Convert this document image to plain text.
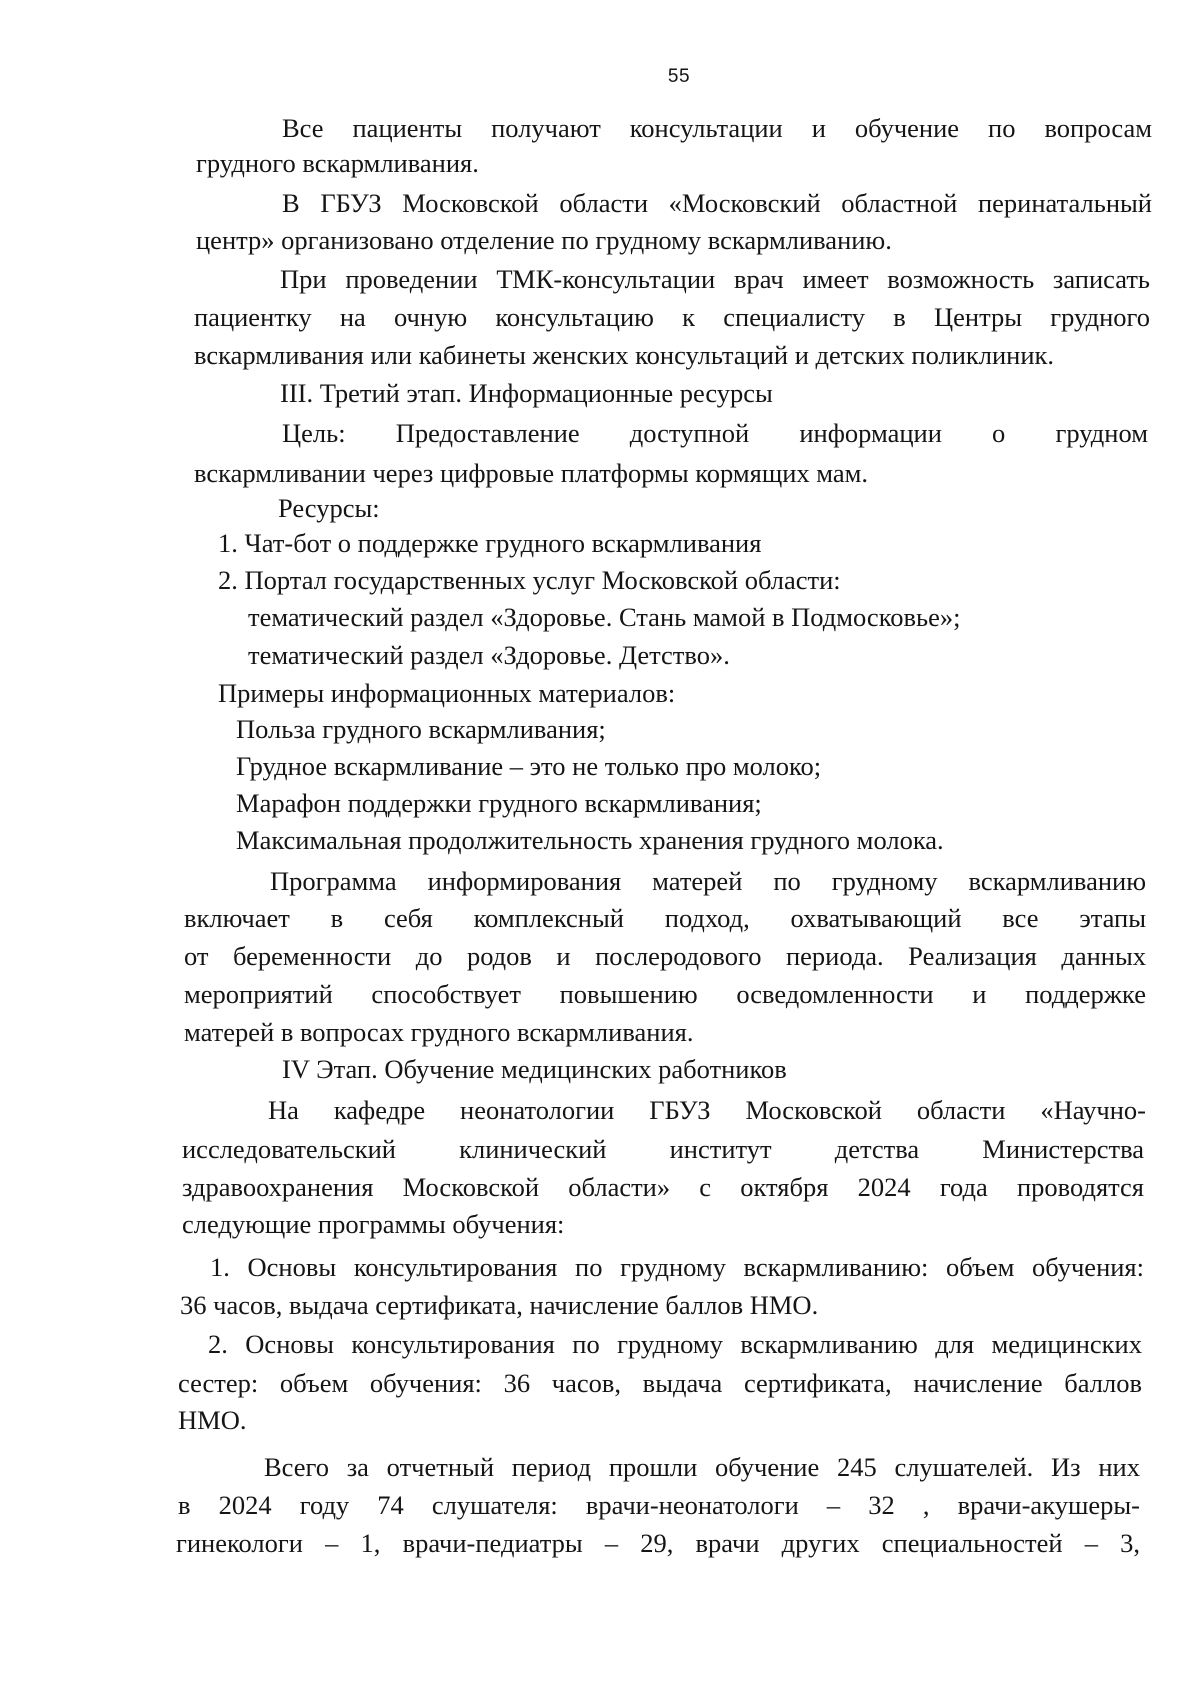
55
Все пациенты получают консультации и обучение по вопросам
грудного вскармливания.
В ГБУЗ Московской области «Московский областной перинатальный
центр» организовано отделение по грудному вскармливанию.
При проведении ТМК-консультации врач имеет возможность записать
пациентку на очную консультацию к специалисту в Центры грудного
вскармливания или кабинеты женских консультаций и детских поликлиник.
III. Третий этап. Информационные ресурсы
Цель: Предоставление доступной информации о грудном
вскармливании через цифровые платформы кормящих мам.
Ресурсы:
1. Чат-бот о поддержке грудного вскармливания
2. Портал государственных услуг Московской области:
тематический раздел «Здоровье. Стань мамой в Подмосковье»;
тематический раздел «Здоровье. Детство».
Примеры информационных материалов:
Польза грудного вскармливания;
Грудное вскармливание – это не только про молоко;
Марафон поддержки грудного вскармливания;
Максимальная продолжительность хранения грудного молока.
Программа информирования матерей по грудному вскармливанию
включает в себя комплексный подход, охватывающий все этапы
от беременности до родов и послеродового периода. Реализация данных
мероприятий способствует повышению осведомленности и поддержке
матерей в вопросах грудного вскармливания.
IV Этап. Обучение медицинских работников
На кафедре неонатологии ГБУЗ Московской области «Научно-
исследовательский клинический институт детства Министерства
здравоохранения Московской области» с октября 2024 года проводятся
следующие программы обучения:
1. Основы консультирования по грудному вскармливанию: объем обучения:
36 часов, выдача сертификата, начисление баллов НМО.
2. Основы консультирования по грудному вскармливанию для медицинских
сестер: объем обучения: 36 часов, выдача сертификата, начисление баллов
НМО.
Всего за отчетный период прошли обучение 245 слушателей. Из них
в 2024 году 74 слушателя: врачи-неонатологи – 32 , врачи-акушеры-
гинекологи – 1, врачи-педиатры – 29, врачи других специальностей – 3,
